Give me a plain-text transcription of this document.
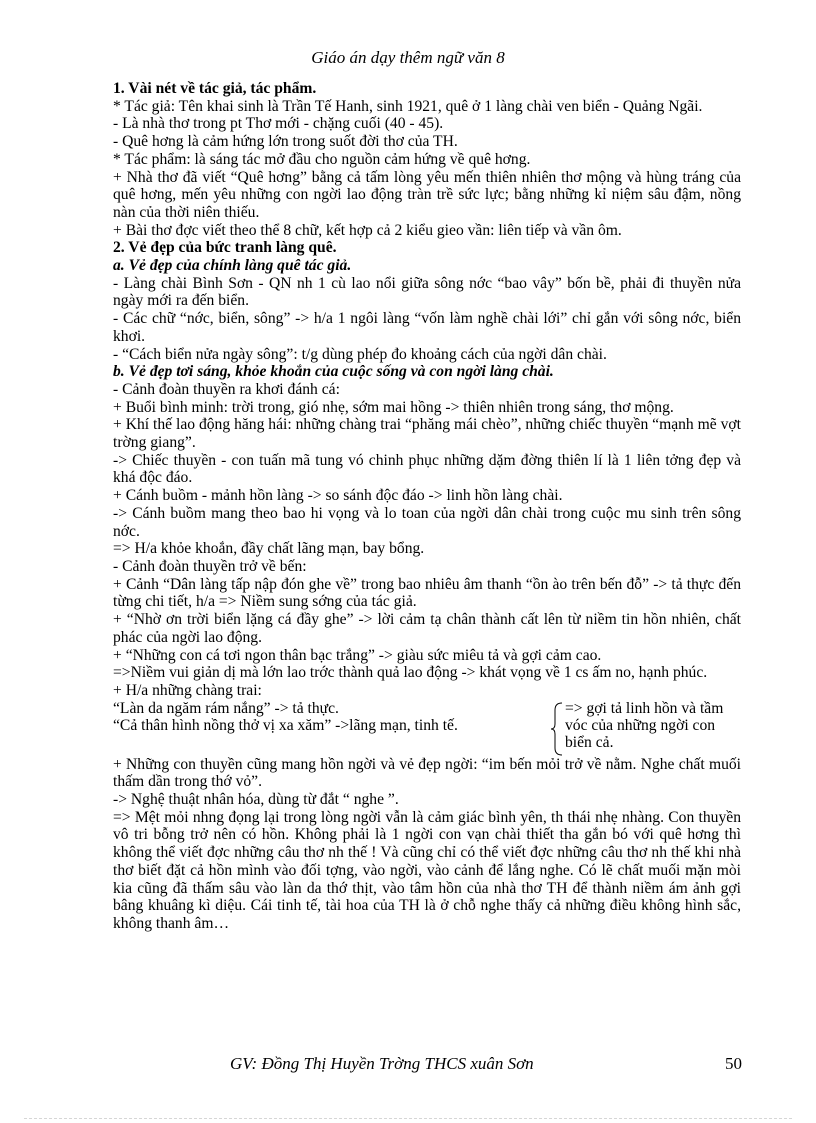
Giáo án dạy thêm ngữ văn 8

1. Vài nét về tác giả, tác phẩm.

* Tác giả: Tên khai sinh là Trần Tế Hanh, sinh 1921, quê ở 1 làng chài ven biển - Quảng Ngãi.

- Là nhà thơ trong pt Thơ mới - chặng cuối (40 - 45).

- Quê hơng là cảm hứng lớn trong suốt đời thơ của TH.

* Tác phẩm: là sáng tác mở đầu cho nguồn cảm hứng về quê hơng.

+ Nhà thơ đã viết “Quê hơng” bằng cả tấm lòng yêu mến thiên nhiên thơ mộng và hùng tráng của quê hơng, mến yêu những con ngời lao động tràn trề sức lực; bằng những kỉ niệm sâu đậm, nồng nàn của thời niên thiếu.

+ Bài thơ đợc viết theo thể 8 chữ, kết hợp cả 2 kiểu gieo vần: liên tiếp và vần ôm.

2. Vẻ đẹp của bức tranh làng quê.

a. Vẻ đẹp của chính làng quê tác giả.

- Làng chài Bình Sơn - QN nh 1 cù lao nổi giữa sông nớc “bao vây” bốn bề, phải đi thuyền nửa ngày mới ra đến biển.

- Các chữ “nớc, biển, sông” -> h/a 1 ngôi làng “vốn làm nghề chài lới” chỉ gắn với sông nớc, biển khơi.

- “Cách biển nửa ngày sông”: t/g dùng phép đo khoảng cách của ngời dân chài.

b. Vẻ đẹp tơi sáng, khỏe khoắn của cuộc sống và con ngời làng chài.

- Cảnh đoàn thuyền ra khơi đánh cá:

+ Buổi bình minh: trời trong, gió nhẹ, sớm mai hồng -> thiên nhiên trong sáng, thơ mộng.

+ Khí thế lao động hăng hái: những chàng trai “phăng mái chèo”, những chiếc thuyền “mạnh mẽ vợt trờng giang”.

-> Chiếc thuyền - con tuấn mã tung vó chinh phục những dặm đờng thiên lí là 1 liên tởng đẹp và khá độc đáo.

+ Cánh buồm - mảnh hồn làng -> so sánh độc đáo -> linh hồn làng chài.

-> Cánh buồm mang theo bao hi vọng và lo toan của ngời dân chài trong cuộc mu sinh trên sông nớc.

=> H/a khỏe khoắn, đầy chất lãng mạn, bay bổng.

- Cảnh đoàn thuyền trở về bến:

+ Cảnh “Dân làng tấp nập đón ghe về” trong bao nhiêu âm thanh “ồn ào trên bến đỗ” -> tả thực đến từng chi tiết, h/a => Niềm sung sớng của tác giả.

+ “Nhờ ơn trời biển lặng cá đầy ghe” -> lời cảm tạ chân thành cất lên từ niềm tin hồn nhiên, chất phác của ngời lao động.

+ “Những con cá tơi ngon thân bạc trắng” -> giàu sức miêu tả và gợi cảm cao.

=>Niềm vui giản dị mà lớn lao trớc thành quả lao động -> khát vọng về 1 cs ấm no, hạnh phúc.

+ H/a những chàng trai:

“Làn da ngăm rám nắng” -> tả thực.

“Cả thân hình nồng thở vị xa xăm” ->lãng mạn, tinh tế.

=> gợi tả linh hồn và tầm vóc của những ngời con biển cả.

+ Những con thuyền cũng mang hồn ngời và vẻ đẹp ngời: “im bến mỏi trở về nằm. Nghe chất muối thấm dần trong thớ vỏ”.

-> Nghệ thuật nhân hóa, dùng từ đắt “ nghe ”.

=> Mệt mỏi nhng đọng lại trong lòng ngời vẫn là cảm giác bình yên, th thái nhẹ nhàng. Con thuyền vô tri bỗng trở nên có hồn. Không phải là 1 ngời con vạn chài thiết tha gắn bó với quê hơng thì không thể viết đợc những câu thơ nh thế ! Và cũng chỉ có thể viết đợc những câu thơ nh thế khi nhà thơ biết đặt cả hồn mình vào đối tợng, vào ngời, vào cảnh để lắng nghe. Có lẽ chất muối mặn mòi kia cũng đã thấm sâu vào làn da thớ thịt, vào tâm hồn của nhà thơ TH để thành niềm ám ảnh gợi bâng khuâng kì diệu. Cái tinh tế, tài hoa của TH là ở chỗ nghe thấy cả những điều không hình sắc, không thanh âm…

GV: Đồng Thị Huyền Trờng THCS xuân Sơn	50
